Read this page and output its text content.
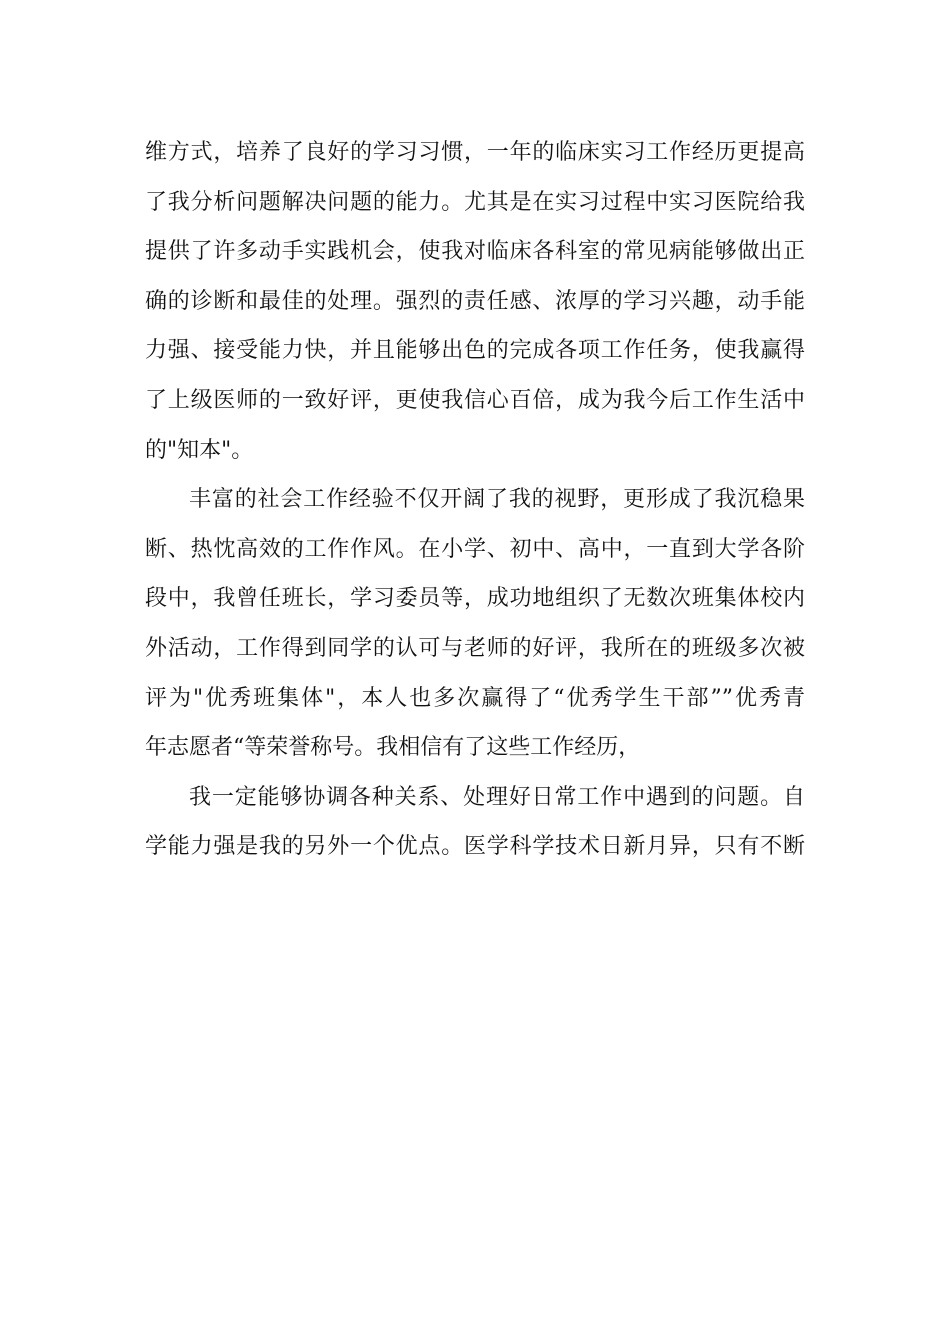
维方式，培养了良好的学习习惯，一年的临床实习工作经历更提高

了我分析问题解决问题的能力。尤其是在实习过程中实习医院给我

提供了许多动手实践机会，使我对临床各科室的常见病能够做出正

确的诊断和最佳的处理。强烈的责任感、浓厚的学习兴趣，动手能

力强、接受能力快，并且能够出色的完成各项工作任务，使我赢得

了上级医师的一致好评，更使我信心百倍，成为我今后工作生活中

的"知本"。

丰富的社会工作经验不仅开阔了我的视野，更形成了我沉稳果

断、热忱高效的工作作风。在小学、初中、高中，一直到大学各阶

段中，我曾任班长，学习委员等，成功地组织了无数次班集体校内

外活动，工作得到同学的认可与老师的好评，我所在的班级多次被

评为"优秀班集体"，本人也多次赢得了“优秀学生干部””优秀青

年志愿者“等荣誉称号。我相信有了这些工作经历，

我一定能够协调各种关系、处理好日常工作中遇到的问题。自

学能力强是我的另外一个优点。医学科学技术日新月异，只有不断
